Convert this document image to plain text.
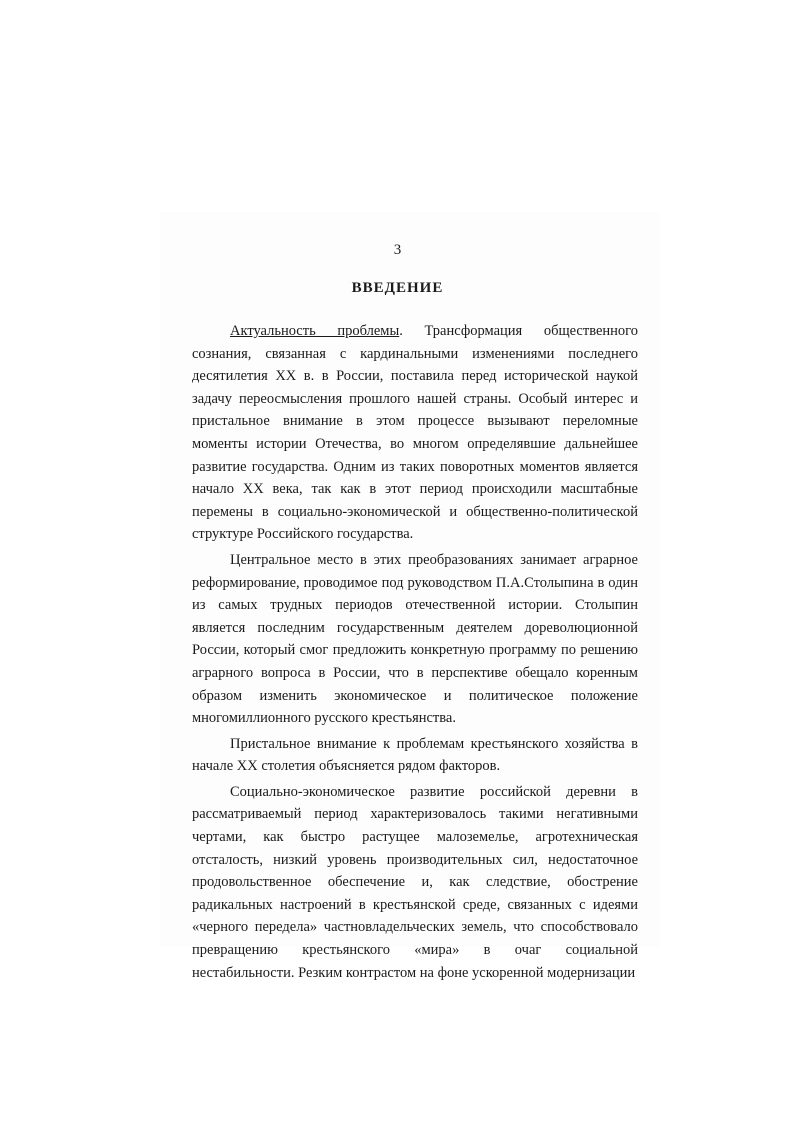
3
ВВЕДЕНИЕ

Актуальность проблемы. Трансформация общественного сознания, связанная с кардинальными изменениями последнего десятилетия XX в. в России, поставила перед исторической наукой задачу переосмысления прошлого нашей страны. Особый интерес и пристальное внимание в этом процессе вызывают переломные моменты истории Отечества, во многом определявшие дальнейшее развитие государства. Одним из таких поворотных моментов является начало XX века, так как в этот период происходили масштабные перемены в социально-экономической и общественно-политической структуре Российского государства.

Центральное место в этих преобразованиях занимает аграрное реформирование, проводимое под руководством П.А.Столыпина в один из самых трудных периодов отечественной истории. Столыпин является последним государственным деятелем дореволюционной России, который смог предложить конкретную программу по решению аграрного вопроса в России, что в перспективе обещало коренным образом изменить экономическое и политическое положение многомиллионного русского крестьянства.

Пристальное внимание к проблемам крестьянского хозяйства в начале XX столетия объясняется рядом факторов.

Социально-экономическое развитие российской деревни в рассматриваемый период характеризовалось такими негативными чертами, как быстро растущее малоземелье, агротехническая отсталость, низкий уровень производительных сил, недостаточное продовольственное обеспечение и, как следствие, обострение радикальных настроений в крестьянской среде, связанных с идеями «черного передела» частновладельческих земель, что способствовало превращению крестьянского «мира» в очаг социальной нестабильности. Резким контрастом на фоне ускоренной модернизации
